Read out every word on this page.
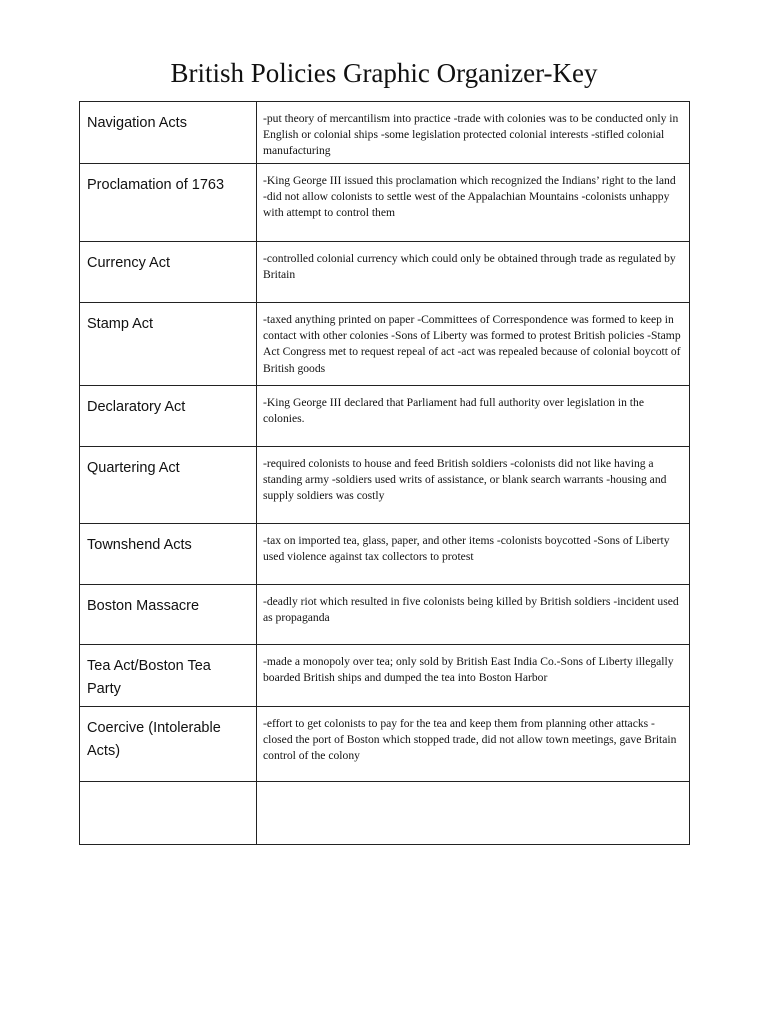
British Policies Graphic Organizer-Key
Navigation Acts	-put theory of mercantilism into practice -trade with colonies was to be conducted only in English or colonial ships -some legislation protected colonial interests -stifled colonial manufacturing

Proclamation of 1763	-King George III issued this proclamation which recognized the Indians’ right to the land -did not allow colonists to settle west of the Appalachian Mountains -colonists unhappy with attempt to control them

Currency Act	-controlled colonial currency which could only be obtained through trade as regulated by Britain

Stamp Act	-taxed anything printed on paper -Committees of Correspondence was formed to keep in contact with other colonies -Sons of Liberty was formed to protest British policies -Stamp Act Congress met to request repeal of act -act was repealed because of colonial boycott of British goods

Declaratory Act	-King George III declared that Parliament had full authority over legislation in the colonies.

Quartering Act	-required colonists to house and feed British soldiers -colonists did not like having a standing army -soldiers used writs of assistance, or blank search warrants -housing and supply soldiers was costly

Townshend Acts	-tax on imported tea, glass, paper, and other items -colonists boycotted -Sons of Liberty used violence against tax collectors to protest

Boston Massacre	-deadly riot which resulted in five colonists being killed by British soldiers -incident used as propaganda

Tea Act/Boston Tea Party	-made a monopoly over tea; only sold by British East India Co.-Sons of Liberty illegally boarded British ships and dumped the tea into Boston Harbor

Coercive (Intolerable Acts)	-effort to get colonists to pay for the tea and keep them from planning other attacks -closed the port of Boston which stopped trade, did not allow town meetings, gave Britain control of the colony
